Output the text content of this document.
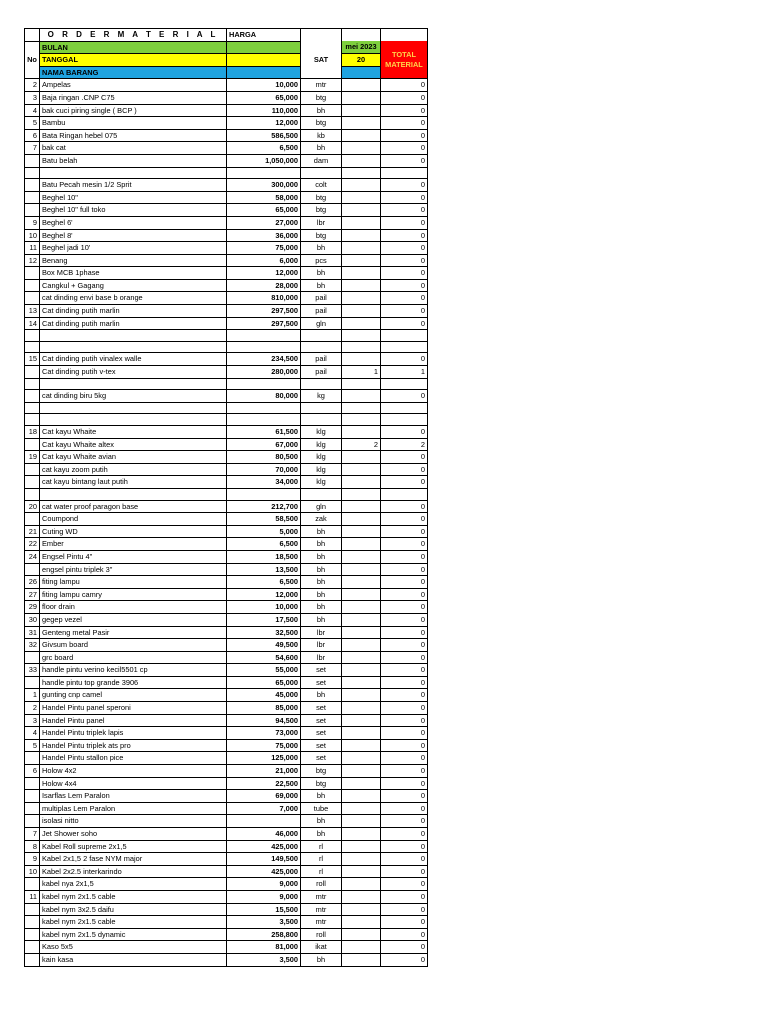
	O R D E R M A T E R I A L	HARGA			
No	BULAN		SAT	mei 2023	TOTAL
MATERIAL
	TANGGAL			20	
	NAMA BARANG				
2	Ampelas	10,000	mtr		0
3	Baja ringan .CNP C75	65,000	btg		0
4	bak cuci piring single ( BCP )	110,000	bh		0
5	Bambu	12,000	btg		0
6	Bata Ringan hebel 075	586,500	kb		0
7	bak cat	6,500	bh		0
	Batu belah	1,050,000	dam		0

	Batu Pecah mesin 1/2 Sprit	300,000	colt		0
	Beghel 10"	58,000	btg		0
	Beghel 10" full toko	65,000	btg		0
9	Beghel 6'	27,000	lbr		0
10	Beghel 8'	36,000	btg		0
11	Beghel jadi 10'	75,000	bh		0
12	Benang	6,000	pcs		0
	Box MCB 1phase	12,000	bh		0
	Cangkul + Gagang	28,000	bh		0
	cat dinding envi base b orange	810,000	pail		0
13	Cat dinding putih marlin	297,500	pail		0
14	Cat dinding putih marlin	297,500	gln		0

15	Cat dinding putih vinalex walle	234,500	pail		0
	Cat dinding putih v-tex	280,000	pail	1	1

	cat dinding biru 5kg	80,000	kg		0

18	Cat kayu Whaite	61,500	klg		0
	Cat kayu Whaite altex	67,000	klg	2	2
19	Cat kayu Whaite avian	80,500	klg		0
	cat kayu zoom putih	70,000	klg		0
	cat kayu bintang laut putih	34,000	klg		0

20	cat water proof paragon base	212,700	gln		0
	Coumpond	58,500	zak		0
21	Cuting WD	5,000	bh		0
22	Ember	6,500	bh		0
24	Engsel Pintu 4"	18,500	bh		0
	engsel pintu triplek 3"	13,500	bh		0
26	fiting lampu	6,500	bh		0
27	fiting lampu camry	12,000	bh		0
29	floor drain	10,000	bh		0
30	gegep vezel	17,500	bh		0
31	Genteng metal Pasir	32,500	lbr		0
32	Givsum board	49,500	lbr		0
	grc board	54,600	lbr		0
33	handle pintu verino kecil5501 cp	55,000	set		0
	handle pintu top grande 3906	65,000	set		0
1	gunting cnp camel	45,000	bh		0
2	Handel Pintu panel speroni	85,000	set		0
3	Handel Pintu panel	94,500	set		0
4	Handel Pintu triplek lapis	73,000	set		0
5	Handel Pintu triplek ats pro	75,000	set		0
	Handel Pintu stallon pice	125,000	set		0
6	Holow 4x2	21,000	btg		0
	Holow 4x4	22,500	btg		0
	Isarflas Lem Paralon	69,000	bh		0
	multiplas Lem Paralon	7,000	tube		0
	isolasi nitto		bh		0
7	Jet Shower soho	46,000	bh		0
8	Kabel Roll supreme 2x1,5	425,000	rl		0
9	Kabel 2x1,5 2 fase NYM major	149,500	rl		0
10	Kabel 2x2.5 interkarindo	425,000	rl		0
	kabel nya 2x1,5	9,000	roll		0
11	kabel nym 2x1.5 cable	9,000	mtr		0
	kabel nym 3x2.5 daifu	15,500	mtr		0
	kabel nym 2x1.5 cable	3,500	mtr		0
	kabel nym 2x1.5 dynamic	258,800	roll		0
	Kaso 5x5	81,000	ikat		0
	kain kasa	3,500	bh		0
